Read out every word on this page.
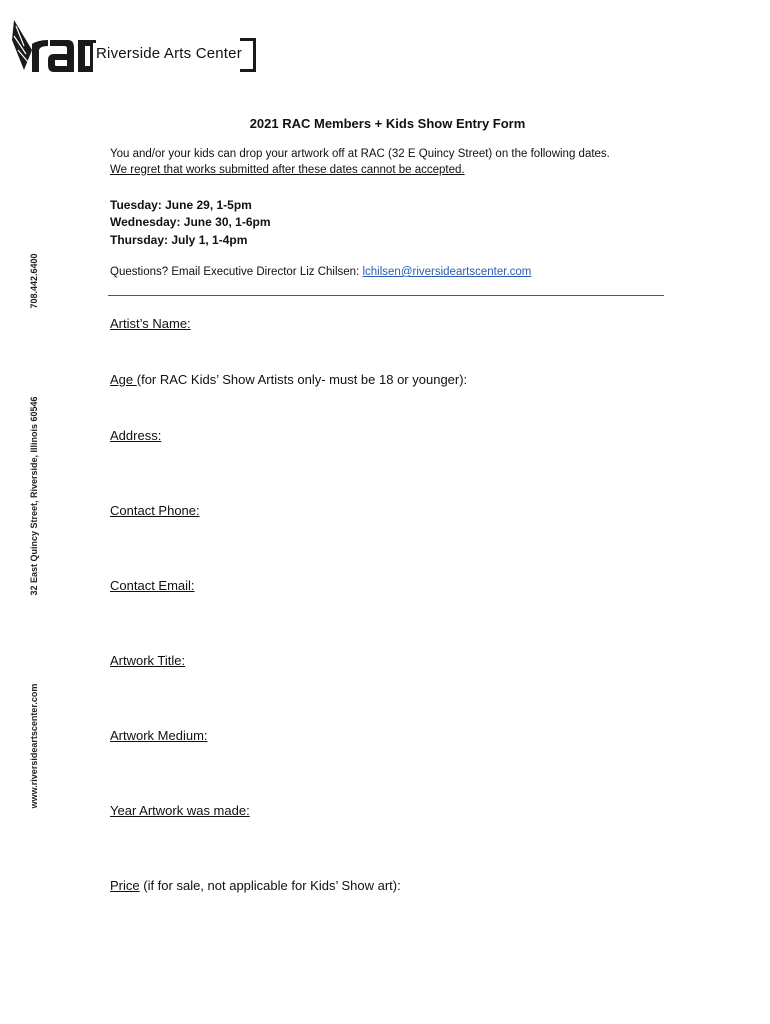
Riverside Arts Center
708.442.6400
32 East Quincy Street, Riverside, Illinois 60546
www.riversideartscenter.com
2021 RAC Members + Kids Show Entry Form
You and/or your kids can drop your artwork off at RAC (32 E Quincy Street) on the following dates.
We regret that works submitted after these dates cannot be accepted.
Tuesday: June 29, 1-5pm
Wednesday: June 30, 1-6pm
Thursday: July 1, 1-4pm
Questions? Email Executive Director Liz Chilsen: lchilsen@riversideartscenter.com
Artist’s Name:
Age (for RAC Kids’ Show Artists only- must be 18 or younger):
Address:
Contact Phone:
Contact Email:
Artwork Title:
Artwork Medium:
Year Artwork was made:
Price (if for sale, not applicable for Kids’ Show art):
